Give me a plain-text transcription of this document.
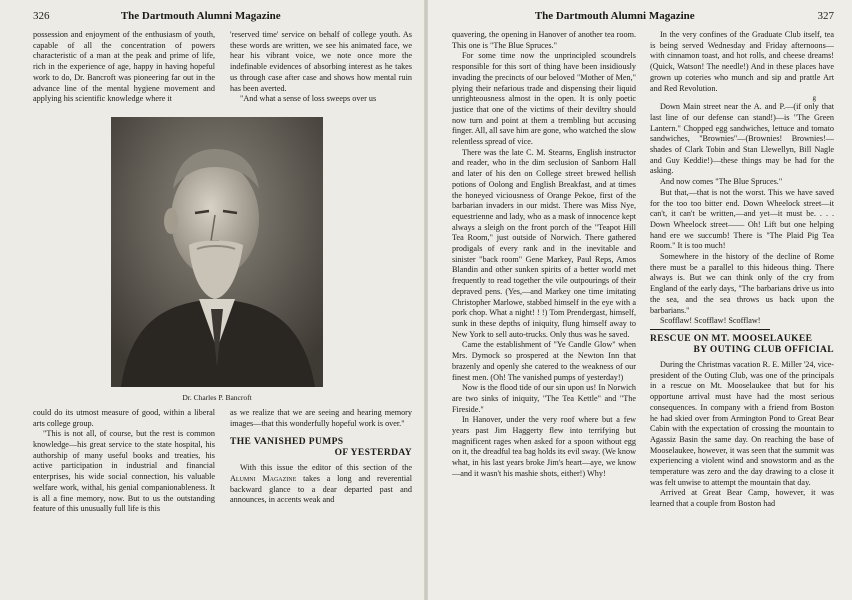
326	The Dartmouth Alumni Magazine

possession and enjoyment of the enthusiasm of youth, capable of all the concentration of powers characteristic of a man at the peak and prime of life, rich in the experience of age, happy in having hopeful work to do, Dr. Bancroft was pioneering far out in the advance line of the mental hygiene movement and applying his scientific knowledge where it

'reserved time' service on behalf of college youth. As these words are written, we see his animated face, we hear his vibrant voice, we note once more the indefinable evidences of absorbing interest as he takes us through case after case and shows how mental ruin has been averted.

"And what a sense of loss sweeps over us

Dr. Charles P. Bancroft

could do its utmost measure of good, within a liberal arts college group.

"This is not all, of course, but the rest is common knowledge—his great service to the state hospital, his authorship of many useful books and treaties, his active participation in industrial and financial enterprises, his wide social connection, his valuable welfare work, withal, his genial companionableness. It is all a fine memory, now. But to us the outstanding feature of this unusually full life is this

as we realize that we are seeing and hearing memory images—that this wonderfully hopeful work is over."

THE VANISHED PUMPS
OF YESTERDAY

With this issue the editor of this section of the Alumni Magazine takes a long and reverential backward glance to a dear departed past and announces, in accents weak and

The Dartmouth Alumni Magazine	327

quavering, the opening in Hanover of another tea room. This one is "The Blue Spruces."

For some time now the unprincipled scoundrels responsible for this sort of thing have been insidiously invading the precincts of our beloved "Mother of Men," plying their nefarious trade and dispensing their liquid unrighteousness almost in the open. It is only poetic justice that one of the victims of their deviltry should now turn and point at them a trembling but accusing finger. All, all save him are gone, who watched the slow relentless spread of vice.

There was the late C. M. Stearns, English instructor and reader, who in the dim seclusion of Sanborn Hall and later of his den on College street brewed hellish potions of Oolong and English Breakfast, and at times the honeyed viciousness of Orange Pekoe, first of the barbarian invaders in our midst. There was Miss Nye, equestrienne and lady, who as a mask of innocence kept always a sleigh on the front porch of the "Teapot Hill Tea Room," just outside of Norwich. There gathered prodigals of every rank and in the inevitable and sinister "back room" Gene Markey, Paul Reps, Amos Blandin and other sunken spirits of a better world met frequently to read together the vile outpourings of their depraved pens. (Yes,—and Markey one time imitating Christopher Marlowe, stabbed himself in the eye with a pork chop. What a night! ! !) Tom Prendergast, himself, sunk in these depths of iniquity, flung himself away to New York to sell auto-trucks. Only thus was he saved.

Came the establishment of "Ye Candle Glow" when Mrs. Dymock so prospered at the Newton Inn that brazenly and openly she catered to the weakness of our finest men. (Oh! The vanished pumps of yesterday!)

Now is the flood tide of our sin upon us! In Norwich are two sinks of iniquity, "The Tea Kettle" and "The Fireside."

In Hanover, under the very roof where but a few years past Jim Haggerty flew into terrifying but magnificent rages when asked for a spoon without egg on it, the dreadful tea bag holds its evil sway. (We know what, in his last years broke Jim's heart—aye, we know—and it wasn't his mashie shots, either!) Why!

In the very confines of the Graduate Club itself, tea is being served Wednesday and Friday afternoons—with cinnamon toast, and hot rolls, and cheese dreams! (Quick, Watson! The needle!) And in these places have grown up coteries who munch and sip and prattle Art and Red Revolution.

g

Down Main street near the A. and P.—(if only that last line of our defense can stand!)—is "The Green Lantern." Chopped egg sandwiches, lettuce and tomato sandwiches, "Brownies"—(Brownies! Brownies!— shades of Clark Tobin and Stan Llewellyn, Bill Nagle and Guy Keddie!)—these things may be had for the asking.

And now comes "The Blue Spruces."

But that,—that is not the worst. This we have saved for the too too bitter end. Down Wheelock street—it can't, it can't be written,—and yet—it must be. . . . Down Wheelock street—— Oh! Lift but one helping hand ere we succumb! There is "The Plaid Pig Tea Room." It is too much!

Somewhere in the history of the decline of Rome there must be a parallel to this hideous thing. There always is. But we can think only of the cry from England of the early days, "The barbarians drive us into the sea, and the sea throws us back upon the barbarians."

Scofflaw! Scofflaw! Scofflaw!

RESCUE ON MT. MOOSELAUKEE
BY OUTING CLUB OFFICIAL

During the Christmas vacation R. E. Miller '24, vice-president of the Outing Club, was one of the principals in a rescue on Mt. Mooselaukee that but for his opportune arrival must have had the most serious consequences. In company with a friend from Boston he had skied over from Armington Pond to Great Bear Cabin with the expectation of crossing the mountain to Agassiz Basin the same day. On reaching the base of Mooselaukee, however, it was seen that the summit was experiencing a violent wind and snowstorm and as the temperature was zero and the day drawing to a close it was felt unwise to attempt the mountain that day.

Arrived at Great Bear Camp, however, it was learned that a couple from Boston had
